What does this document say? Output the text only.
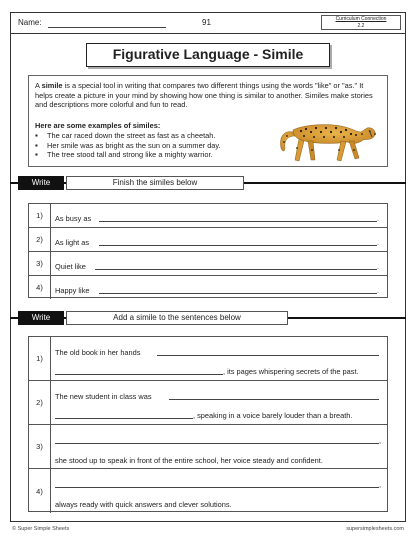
Name:	91	Curriculum Connection
2.2
Figurative Language - Simile

A simile is a special tool in writing that compares two different things using the words "like" or "as." It helps create a picture in your mind by showing how one thing is similar to another. Similes make stories and descriptions more colorful and fun to read.

Here are some examples of similes:
▪ The car raced down the street as fast as a cheetah.
▪ Her smile was as bright as the sun on a summer day.
▪ The tree stood tall and strong like a mighty warrior.
Write	Finish the similes below
1)	As busy as	.
2)	As light as	.
3)	Quiet like	.
4)	Happy like	.
Write	Add a simile to the sentences below
1)
The old book in her hands
, its pages whispering secrets of the past.
2)
The new student in class was
, speaking in a voice barely louder than a breath.
3)
,
she stood up to speak in front of the entire school, her voice steady and confident.
4)
,
always ready with quick answers and clever solutions.
© Super Simple Sheets	supersimplesheets.com
